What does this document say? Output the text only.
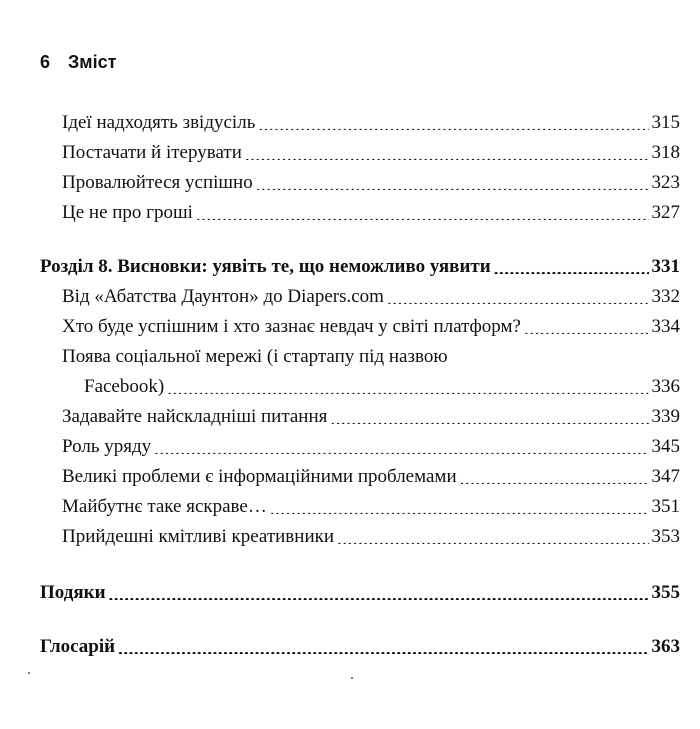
6 Зміст
Ідеї надходять звідусіль .....	315
Постачати й ітерувати .....	318
Провалюйтеся успішно .....	323
Це не про гроші .....	327
Розділ 8. Висновки: уявіть те, що неможливо уявити .....	331
Від «Абатства Даунтон» до Diapers.com .....	332
Хто буде успішним і хто зазнає невдач у світі платформ? .....	334
Поява соціальної мережі (і стартапу під назвою
Facebook) .....	336
Задавайте найскладніші питання .....	339
Роль уряду .....	345
Великі проблеми є інформаційними проблемами .....	347
Майбутнє таке яскраве… .....	351
Прийдешні кмітливі креативники .....	353
Подяки .....	355
Глосарій .....	363
